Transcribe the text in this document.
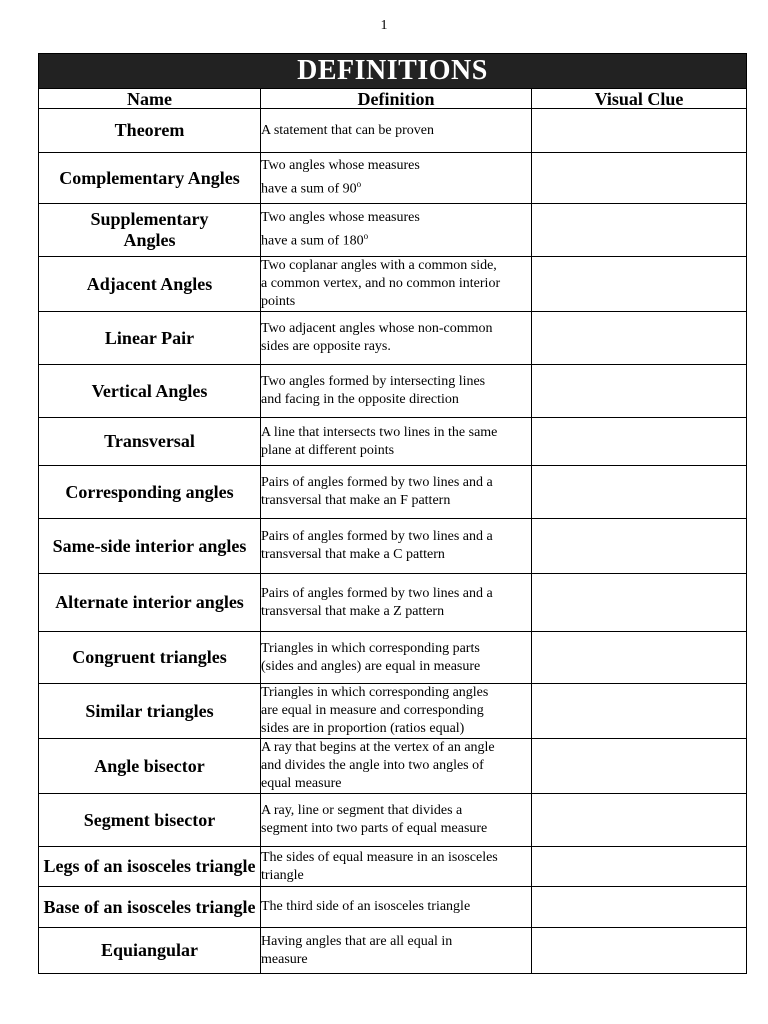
1
DEFINITIONS		
Name	Definition	Visual Clue
Theorem	A statement that can be proven	

Complementary Angles	Two angles whose measures
have a sum of 90$^o$

Supplementary Angles	Two angles whose measures
have a sum of 180$^o$

Adjacent Angles	Two coplanar angles with a common side,
a common vertex, and no common interior
points	

Linear Pair	Two adjacent angles whose non-common
sides are opposite rays.	

Vertical Angles	Two angles formed by intersecting lines
and facing in the opposite direction	

Transversal	A line that intersects two lines in the same
plane at different points	

Corresponding angles	Pairs of angles formed by two lines and a
transversal that make an F pattern	

Same-side interior angles	Pairs of angles formed by two lines and a
transversal that make a C pattern	

Alternate interior angles	Pairs of angles formed by two lines and a
transversal that make a Z pattern	

Congruent triangles	Triangles in which corresponding parts
(sides and angles) are equal in measure	

Similar triangles	Triangles in which corresponding angles
are equal in measure and corresponding
sides are in proportion (ratios equal)	

Angle bisector	A ray that begins at the vertex of an angle
and divides the angle into two angles of
equal measure	

Segment bisector	A ray, line or segment that divides a
segment into two parts of equal measure	

Legs of an isosceles triangle	The sides of equal measure in an isosceles
triangle	

Base of an isosceles triangle	The third side of an isosceles triangle	

Equiangular	Having angles that are all equal in
measure	
